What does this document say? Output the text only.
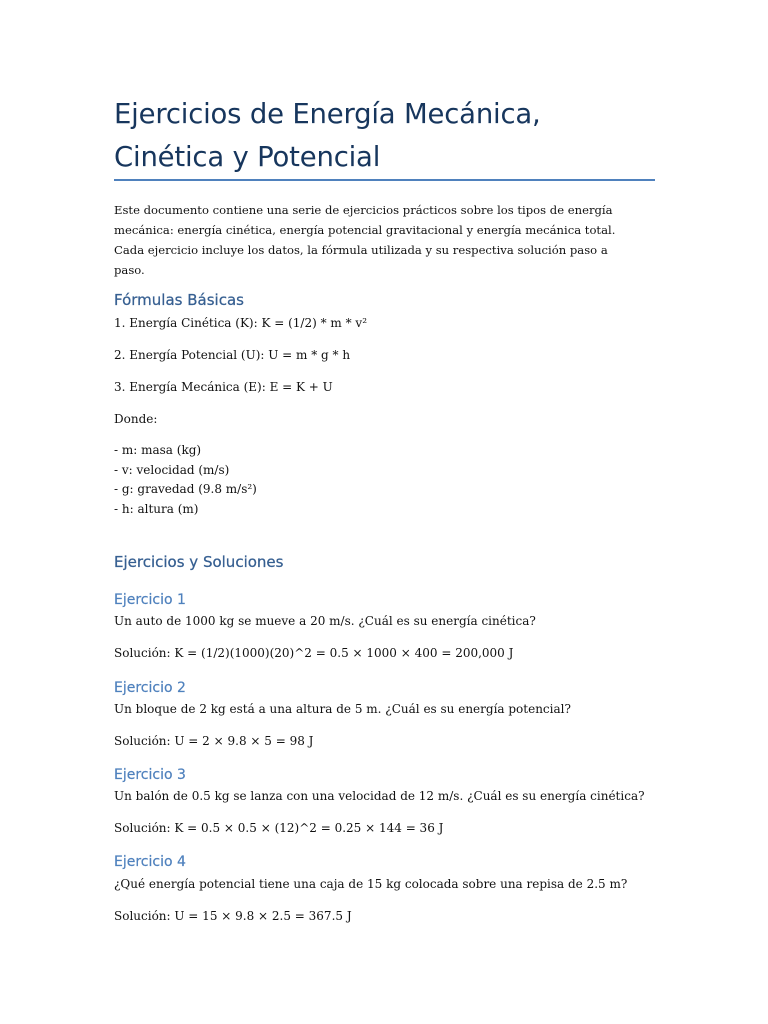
Ejercicios de Energía Mecánica, Cinética y Potencial

Este documento contiene una serie de ejercicios prácticos sobre los tipos de energía mecánica: energía cinética, energía potencial gravitacional y energía mecánica total. Cada ejercicio incluye los datos, la fórmula utilizada y su respectiva solución paso a paso.

Fórmulas Básicas

1. Energía Cinética (K): K = (1/2) * m * v²

2. Energía Potencial (U): U = m * g * h

3. Energía Mecánica (E): E = K + U

Donde:

- m: masa (kg)
- v: velocidad (m/s)
- g: gravedad (9.8 m/s²)
- h: altura (m)
Ejercicios y Soluciones
Ejercicio 1

Un auto de 1000 kg se mueve a 20 m/s. ¿Cuál es su energía cinética?

Solución: K = (1/2)(1000)(20)^2 = 0.5 × 1000 × 400 = 200,000 J

Ejercicio 2

Un bloque de 2 kg está a una altura de 5 m. ¿Cuál es su energía potencial?

Solución: U = 2 × 9.8 × 5 = 98 J

Ejercicio 3

Un balón de 0.5 kg se lanza con una velocidad de 12 m/s. ¿Cuál es su energía cinética?

Solución: K = 0.5 × 0.5 × (12)^2 = 0.25 × 144 = 36 J

Ejercicio 4

¿Qué energía potencial tiene una caja de 15 kg colocada sobre una repisa de 2.5 m?

Solución: U = 15 × 9.8 × 2.5 = 367.5 J
